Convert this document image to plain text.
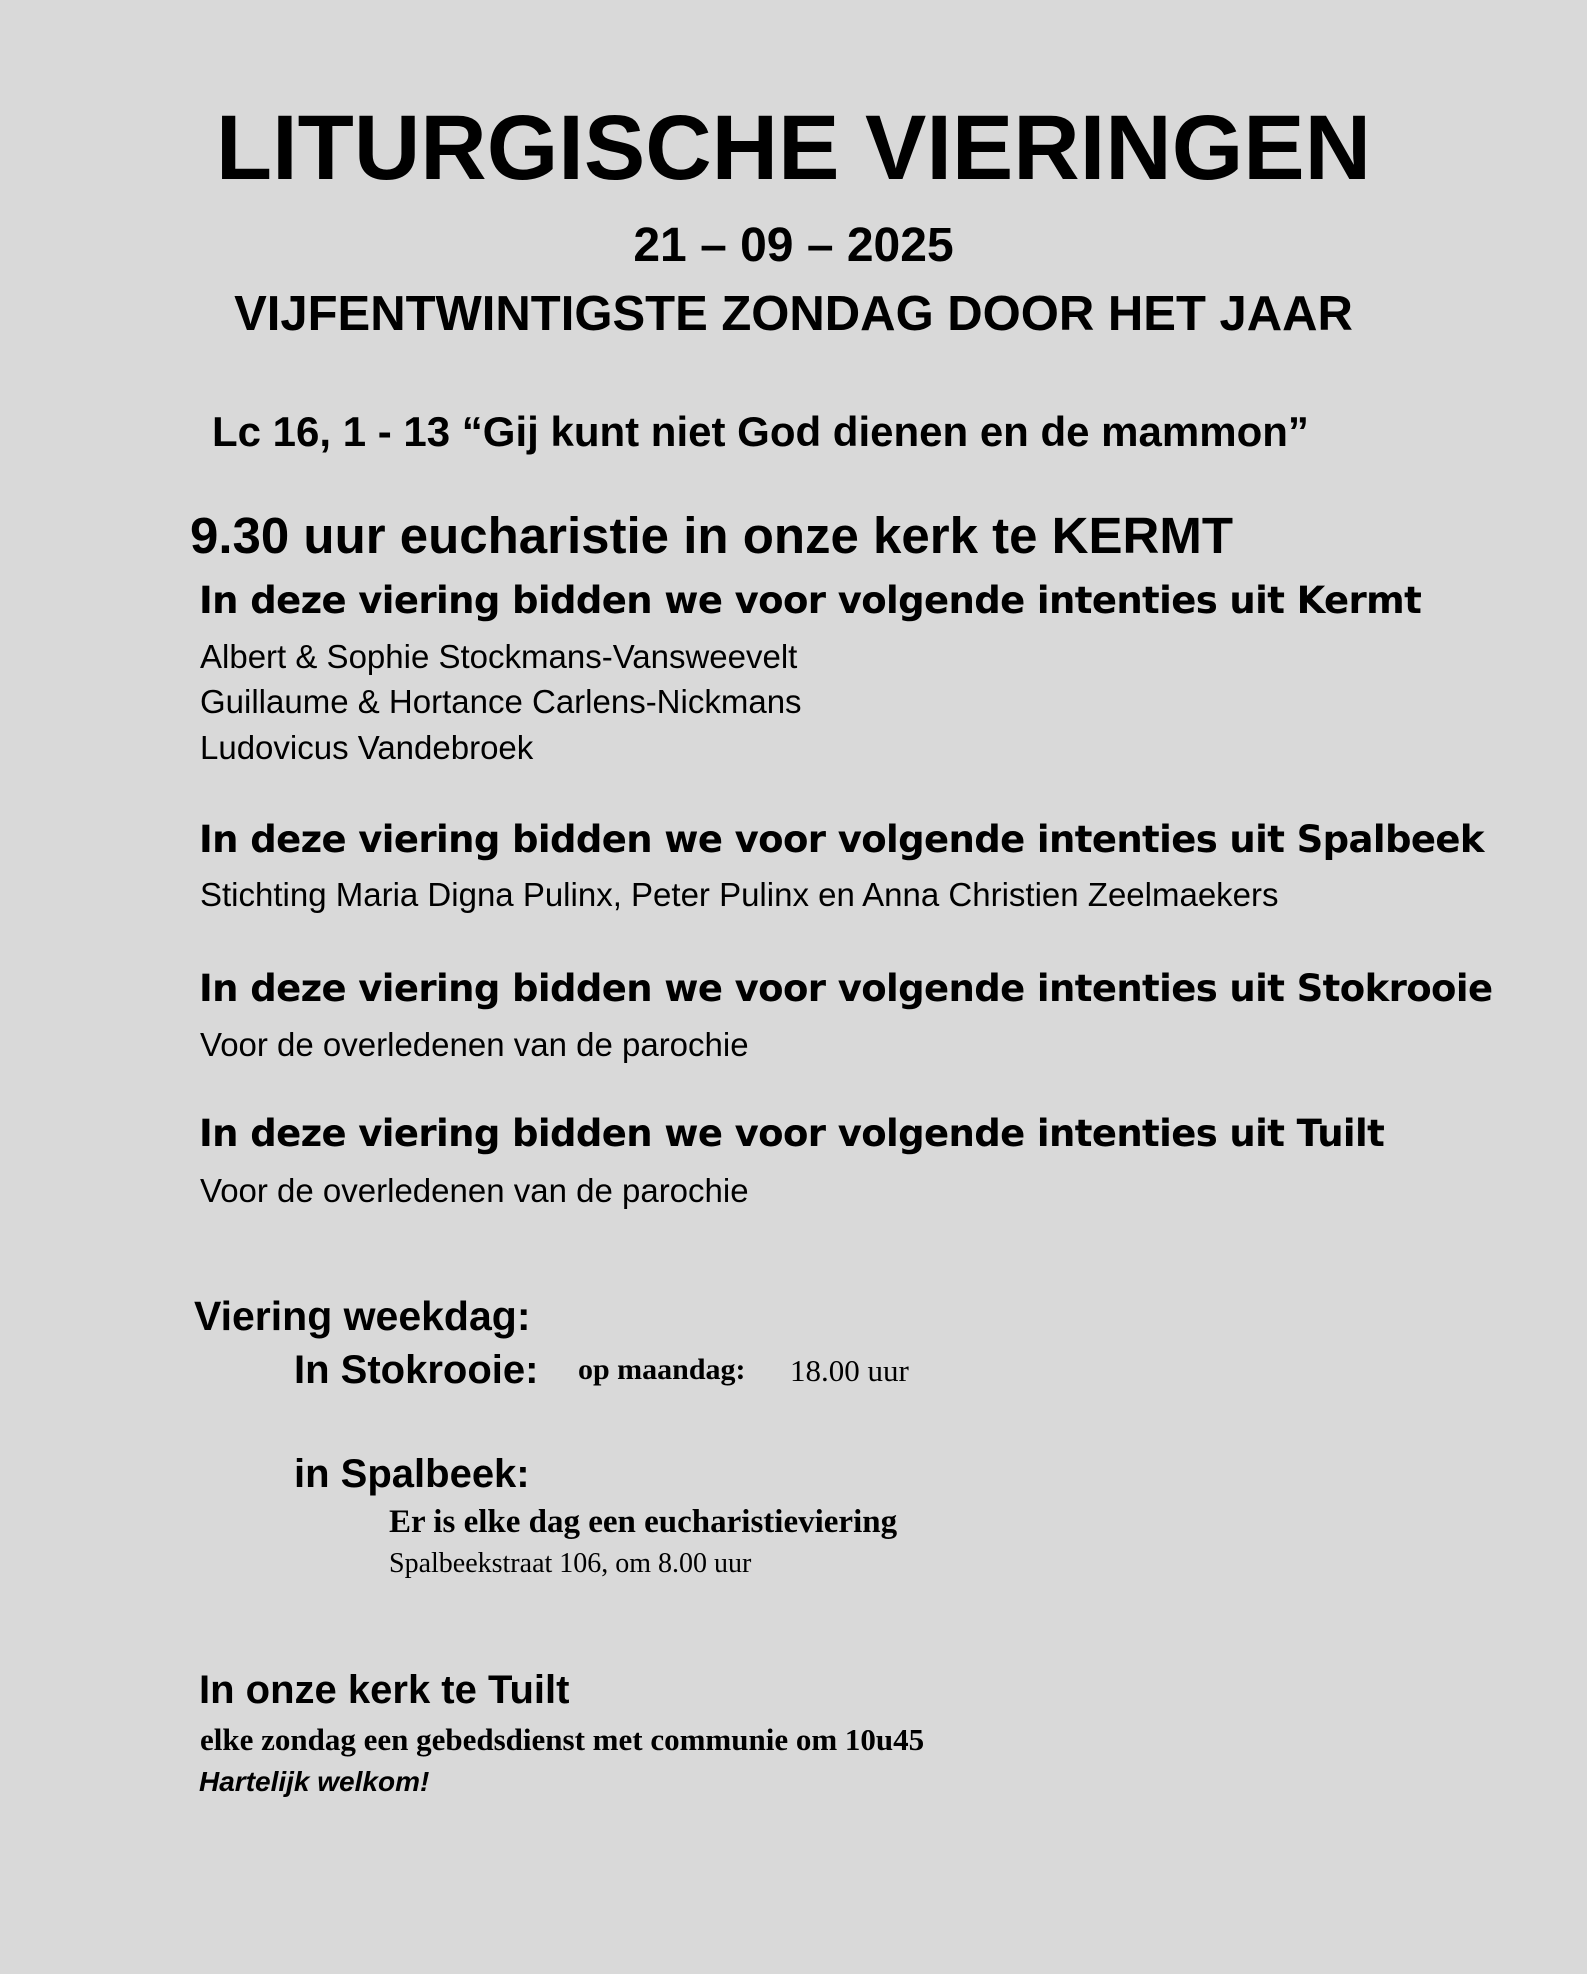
LITURGISCHE VIERINGEN
21 – 09 – 2025
VIJFENTWINTIGSTE ZONDAG DOOR HET JAAR
Lc 16, 1 - 13 “Gij kunt niet God dienen en de mammon”
9.30 uur eucharistie in onze kerk te KERMT
In deze viering bidden we voor volgende intenties uit Kermt
Albert & Sophie Stockmans-Vansweevelt
Guillaume & Hortance Carlens-Nickmans
Ludovicus Vandebroek
In deze viering bidden we voor volgende intenties uit Spalbeek
Stichting Maria Digna Pulinx, Peter Pulinx en Anna Christien Zeelmaekers
In deze viering bidden we voor volgende intenties uit Stokrooie
Voor de overledenen van de parochie
In deze viering bidden we voor volgende intenties uit Tuilt
Voor de overledenen van de parochie
Viering weekdag:
In Stokrooie: op maandag: 18.00 uur
in Spalbeek:
Er is elke dag een eucharistieviering
Spalbeekstraat 106, om 8.00 uur
In onze kerk te Tuilt
elke zondag een gebedsdienst met communie om 10u45
Hartelijk welkom!
